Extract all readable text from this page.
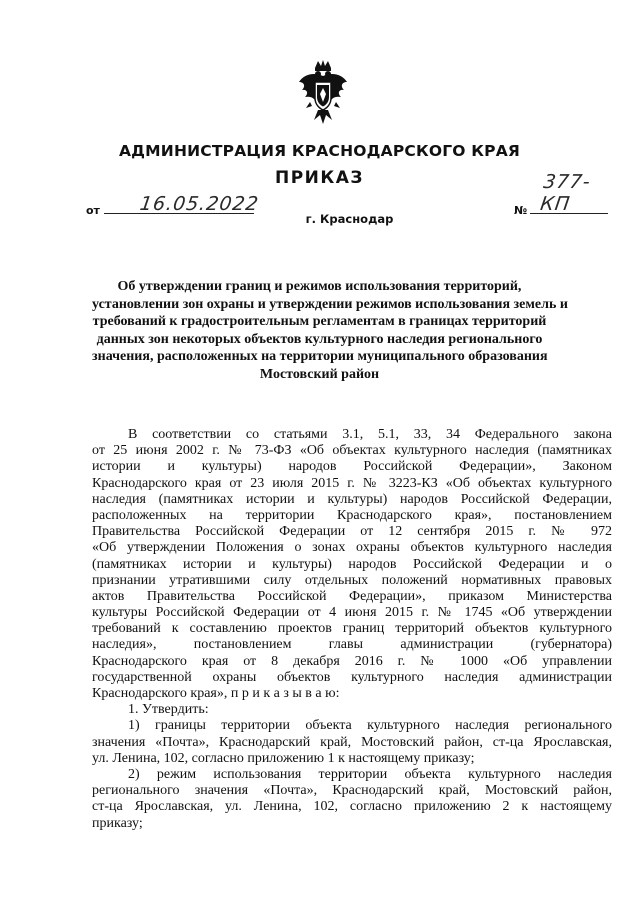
АДМИНИСТРАЦИЯ КРАСНОДАРСКОГО КРАЯ
ПРИКАЗ
от 16.05.2022
г. Краснодар
№
377-КП
Об утверждении границ и режимов использования территорий,
установлении зон охраны и утверждении режимов использования земель и
требований к градостроительным регламентам в границах территорий
данных зон некоторых объектов культурного наследия регионального
значения, расположенных на территории муниципального образования
Мостовский район
В соответствии со статьями 3.1, 5.1, 33, 34 Федерального закона
от 25 июня 2002 г. № 73-ФЗ «Об объектах культурного наследия (памятниках
истории и культуры) народов Российской Федерации», Законом
Краснодарского края от 23 июля 2015 г. № 3223-КЗ «Об объектах культурного
наследия (памятниках истории и культуры) народов Российской Федерации,
расположенных на территории Краснодарского края», постановлением
Правительства Российской Федерации от 12 сентября 2015 г. № 972
«Об утверждении Положения о зонах охраны объектов культурного наследия
(памятниках истории и культуры) народов Российской Федерации и о
признании утратившими силу отдельных положений нормативных правовых
актов Правительства Российской Федерации», приказом Министерства
культуры Российской Федерации от 4 июня 2015 г. № 1745 «Об утверждении
требований к составлению проектов границ территорий объектов культурного
наследия», постановлением главы администрации (губернатора)
Краснодарского края от 8 декабря 2016 г. № 1000 «Об управлении
государственной охраны объектов культурного наследия администрации
Краснодарского края», п р и к а з ы в а ю:
1. Утвердить:
1) границы территории объекта культурного наследия регионального
значения «Почта», Краснодарский край, Мостовский район, ст-ца Ярославская,
ул. Ленина, 102, согласно приложению 1 к настоящему приказу;
2) режим использования территории объекта культурного наследия
регионального значения «Почта», Краснодарский край, Мостовский район,
ст-ца Ярославская, ул. Ленина, 102, согласно приложению 2 к настоящему
приказу;
